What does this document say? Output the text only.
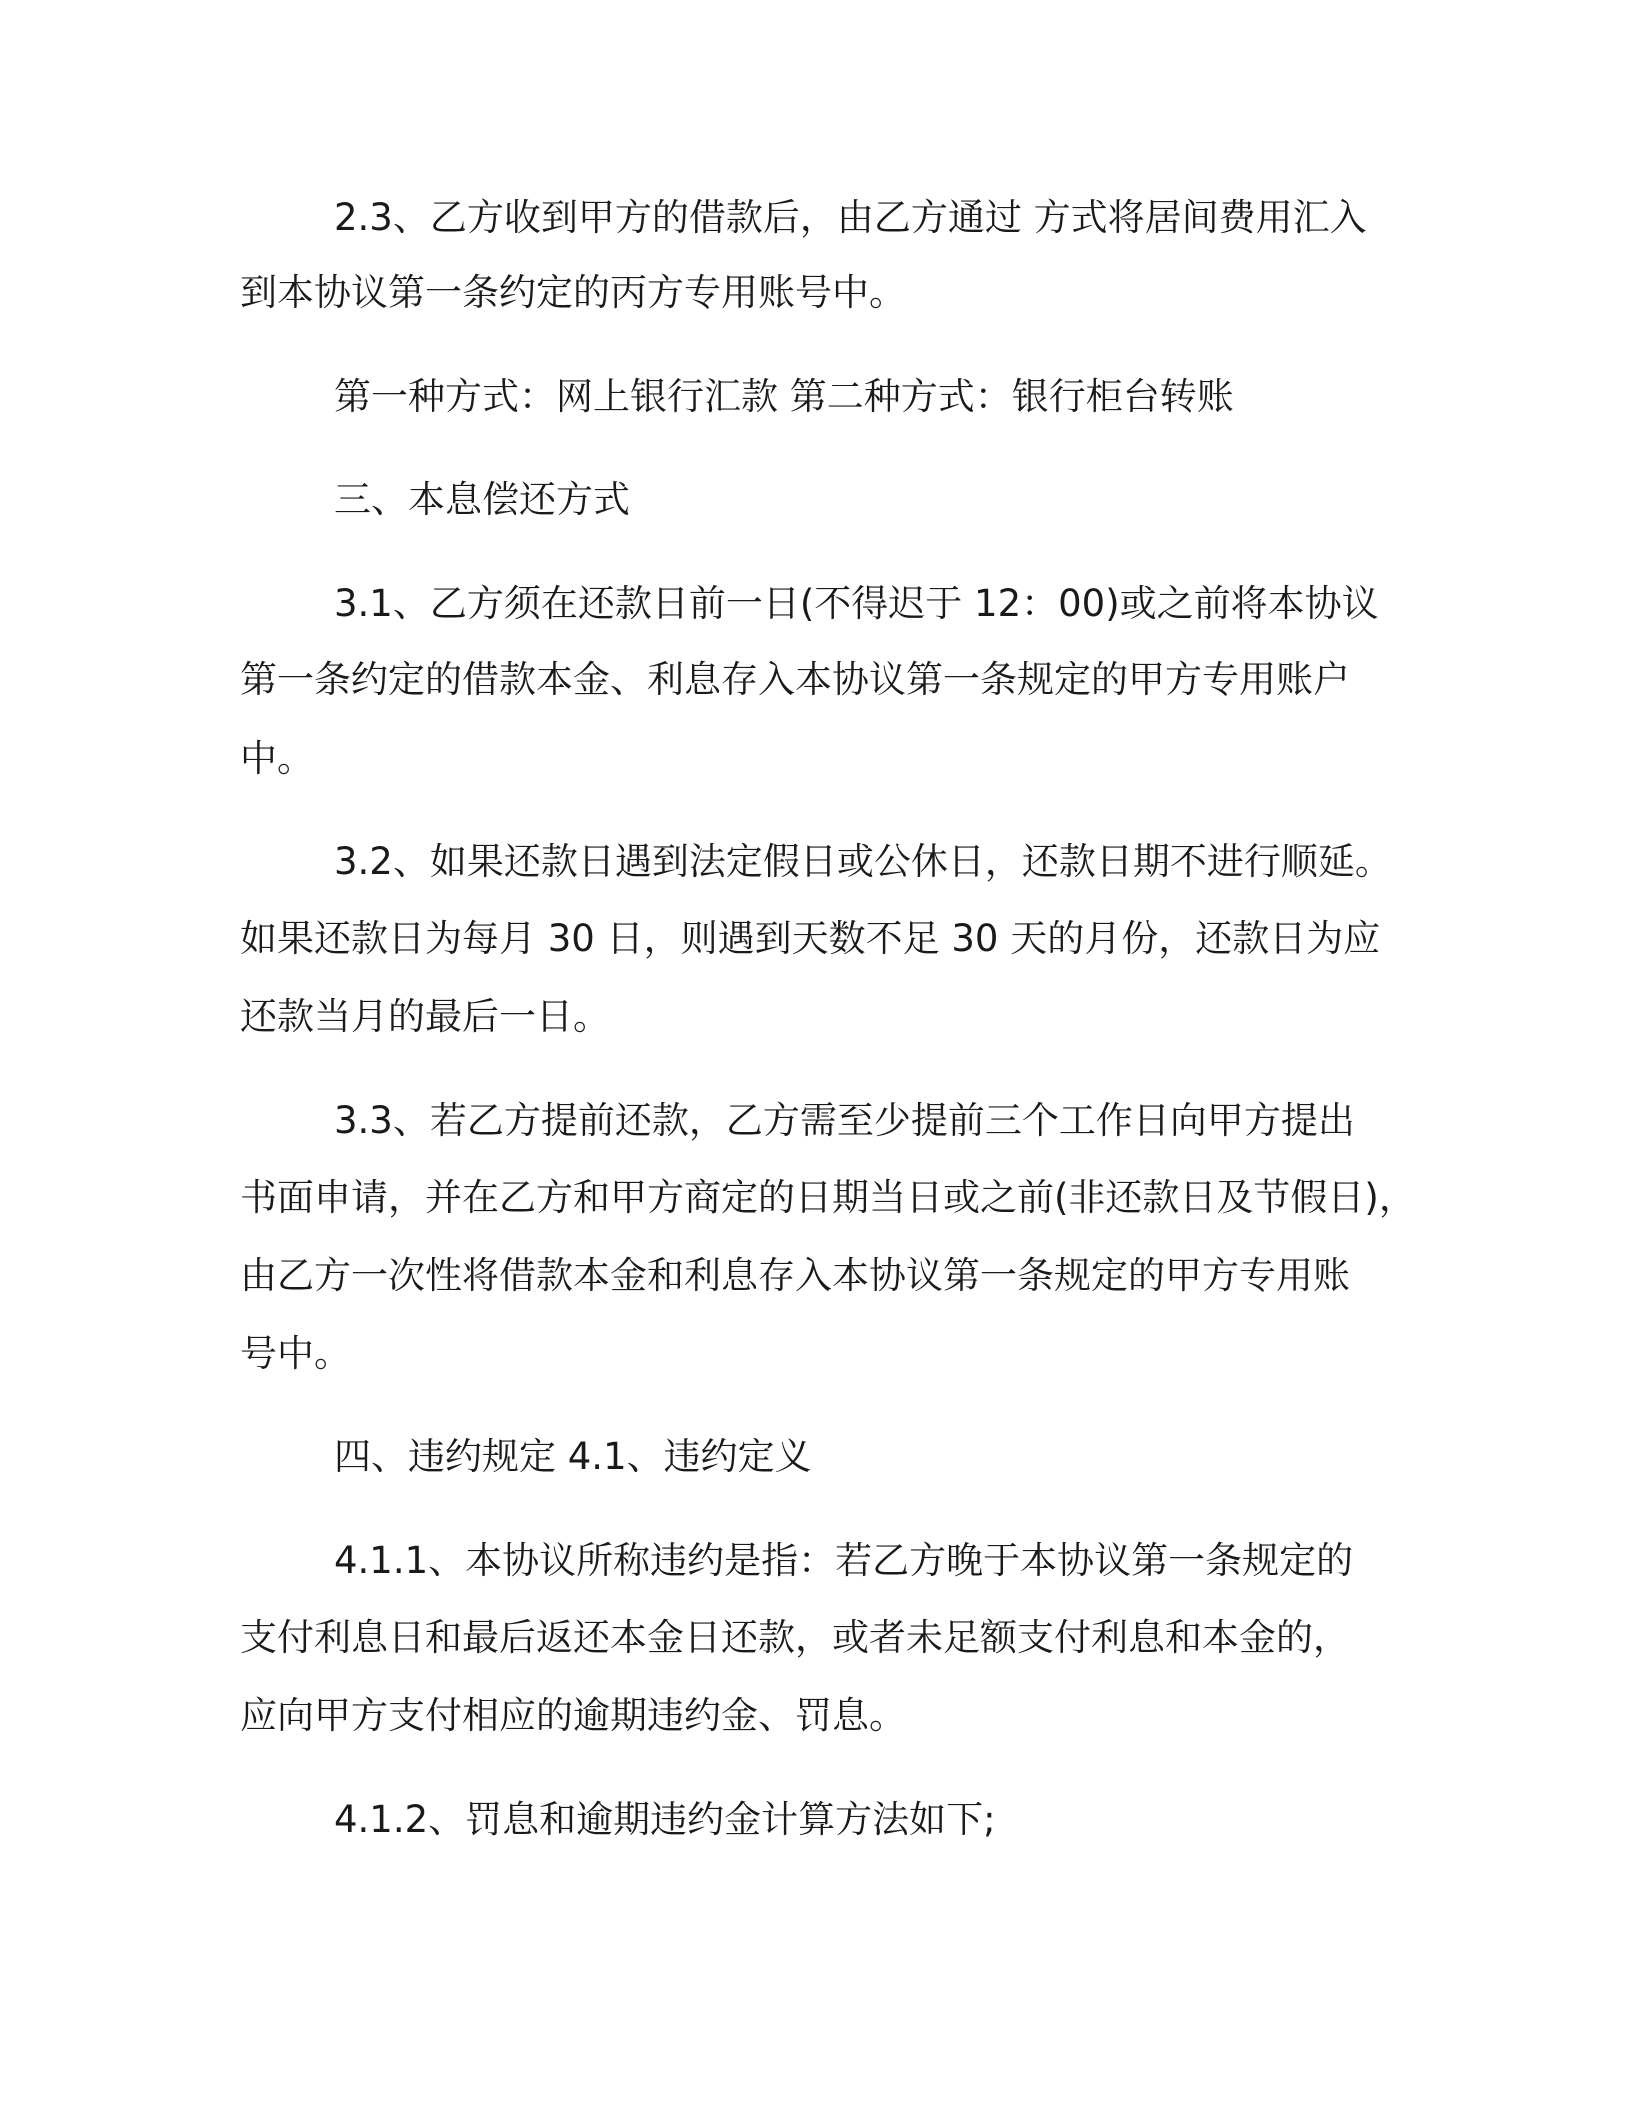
2.3、乙方收到甲方的借款后，由乙方通过 方式将居间费用汇入
到本协议第一条约定的丙方专用账号中。
第一种方式：网上银行汇款 第二种方式：银行柜台转账
三、本息偿还方式
3.1、乙方须在还款日前一日(不得迟于 12：00)或之前将本协议
第一条约定的借款本金、利息存入本协议第一条规定的甲方专用账户
中。
3.2、如果还款日遇到法定假日或公休日，还款日期不进行顺延。
如果还款日为每月 30 日，则遇到天数不足 30 天的月份，还款日为应
还款当月的最后一日。
3.3、若乙方提前还款，乙方需至少提前三个工作日向甲方提出
书面申请，并在乙方和甲方商定的日期当日或之前(非还款日及节假日)，
由乙方一次性将借款本金和利息存入本协议第一条规定的甲方专用账
号中。
四、违约规定 4.1、违约定义
4.1.1、本协议所称违约是指：若乙方晚于本协议第一条规定的
支付利息日和最后返还本金日还款，或者未足额支付利息和本金的，
应向甲方支付相应的逾期违约金、罚息。
4.1.2、罚息和逾期违约金计算方法如下;
